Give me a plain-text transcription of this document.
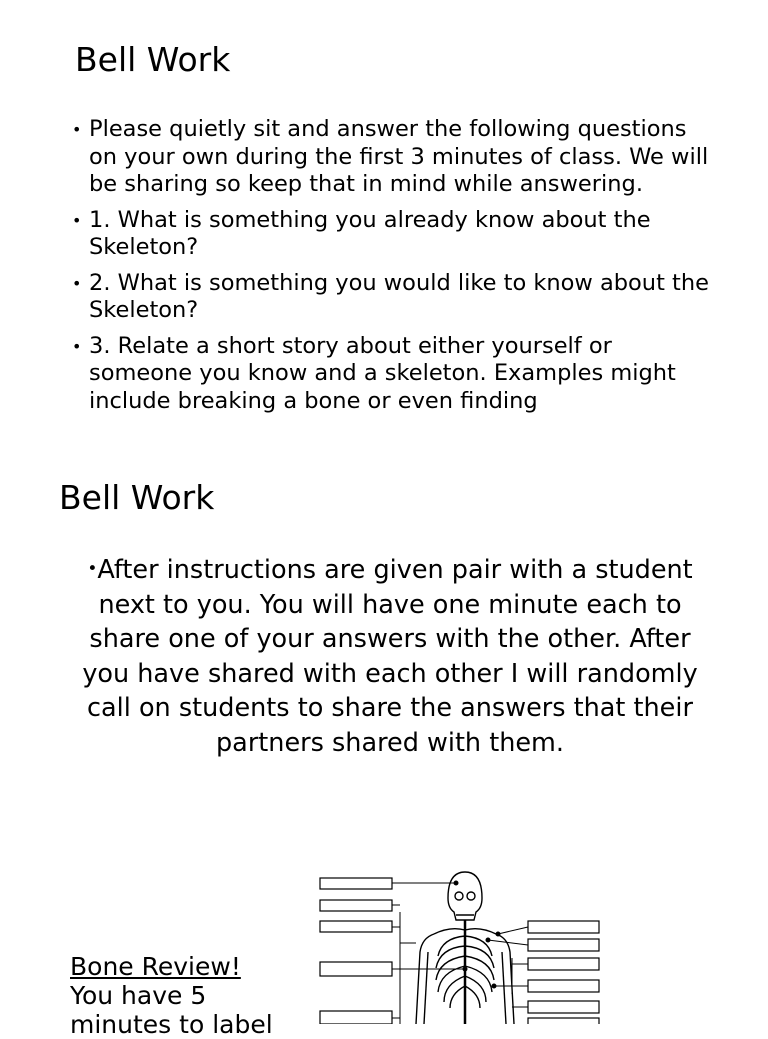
Bell Work
• Please quietly sit and answer the following questions on your own during the first 3 minutes of class. We will be sharing so keep that in mind while answering.
• 1. What is something you already know about the Skeleton?
• 2. What is something you would like to know about the Skeleton?
• 3. Relate a short story about either yourself or someone you know and a skeleton. Examples might include breaking a bone or even finding
Bell Work

•After instructions are given pair with a student next to you. You will have one minute each to share one of your answers with the other. After you have shared with each other I will randomly call on students to share the answers that their partners shared with them.

Bone Review!
You have 5 minutes to label
